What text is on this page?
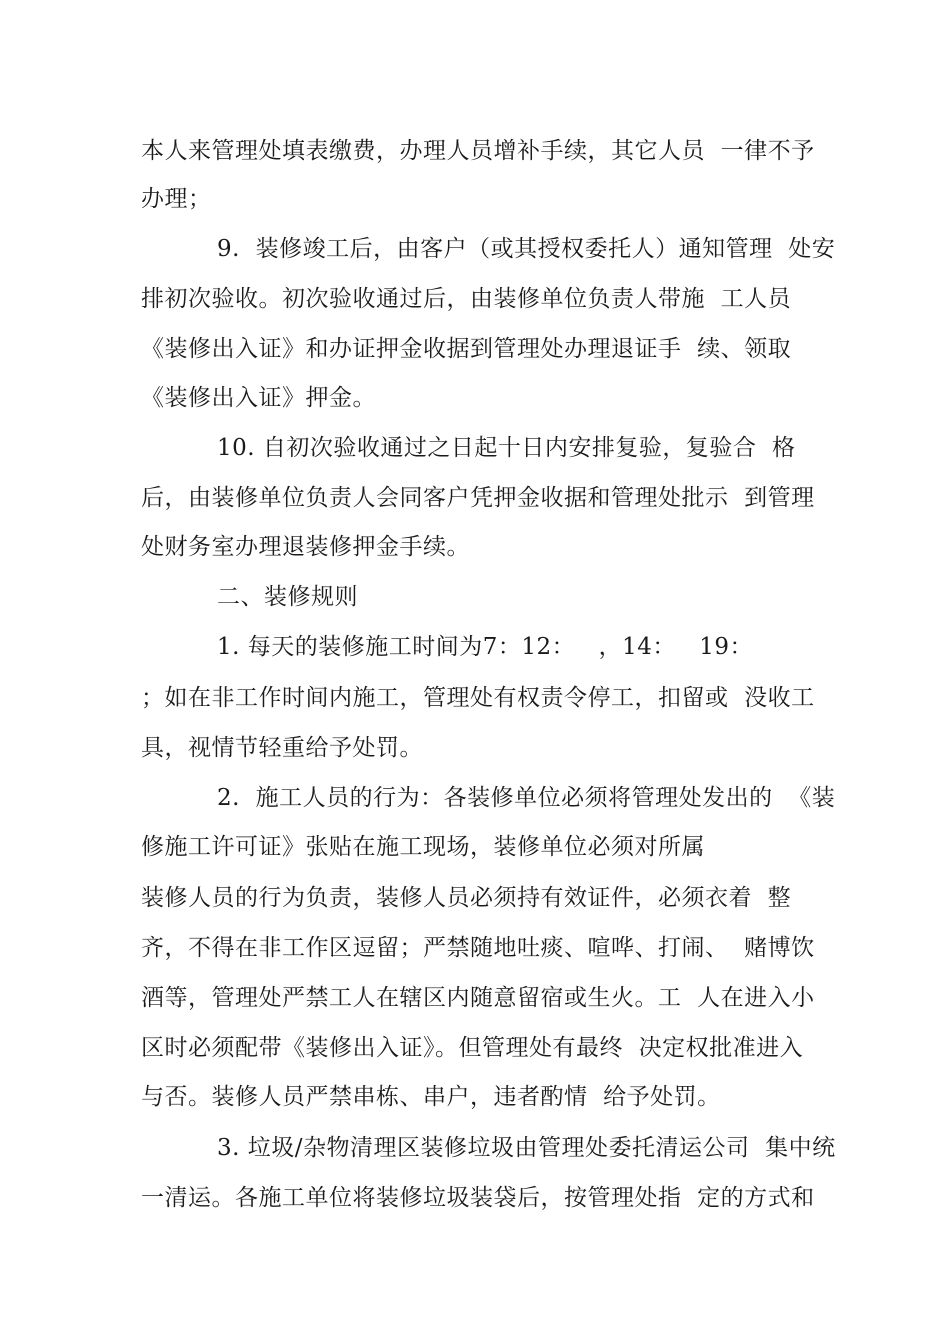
本人来管理处填表缴费，办理人员增补手续，其它人员  一律不予
办理；
9.  装修竣工后，由客户（或其授权委托人）通知管理  处安
排初次验收。初次验收通过后，由装修单位负责人带施  工人员
《装修出入证》和办证押金收据到管理处办理退证手  续、领取
《装修出入证》押金。
10. 自初次验收通过之日起十日内安排复验，复验合  格
后，由装修单位负责人会同客户凭押金收据和管理处批示  到管理
处财务室办理退装修押金手续。
二、装修规则
1. 每天的装修施工时间为7：12：   ，14：   19：
；如在非工作时间内施工，管理处有权责令停工，扣留或  没收工
具，视情节轻重给予处罚。
2.  施工人员的行为：各装修单位必须将管理处发出的  《装
修施工许可证》张贴在施工现场，装修单位必须对所属
装修人员的行为负责，装修人员必须持有效证件，必须衣着  整
齐，不得在非工作区逗留；严禁随地吐痰、喧哗、打闹、  赌博饮
酒等，管理处严禁工人在辖区内随意留宿或生火。工  人在进入小
区时必须配带《装修出入证》。但管理处有最终  决定权批准进入
与否。装修人员严禁串栋、串户，违者酌情  给予处罚。
3. 垃圾/杂物清理区装修垃圾由管理处委托清运公司  集中统
一清运。各施工单位将装修垃圾装袋后，按管理处指  定的方式和
